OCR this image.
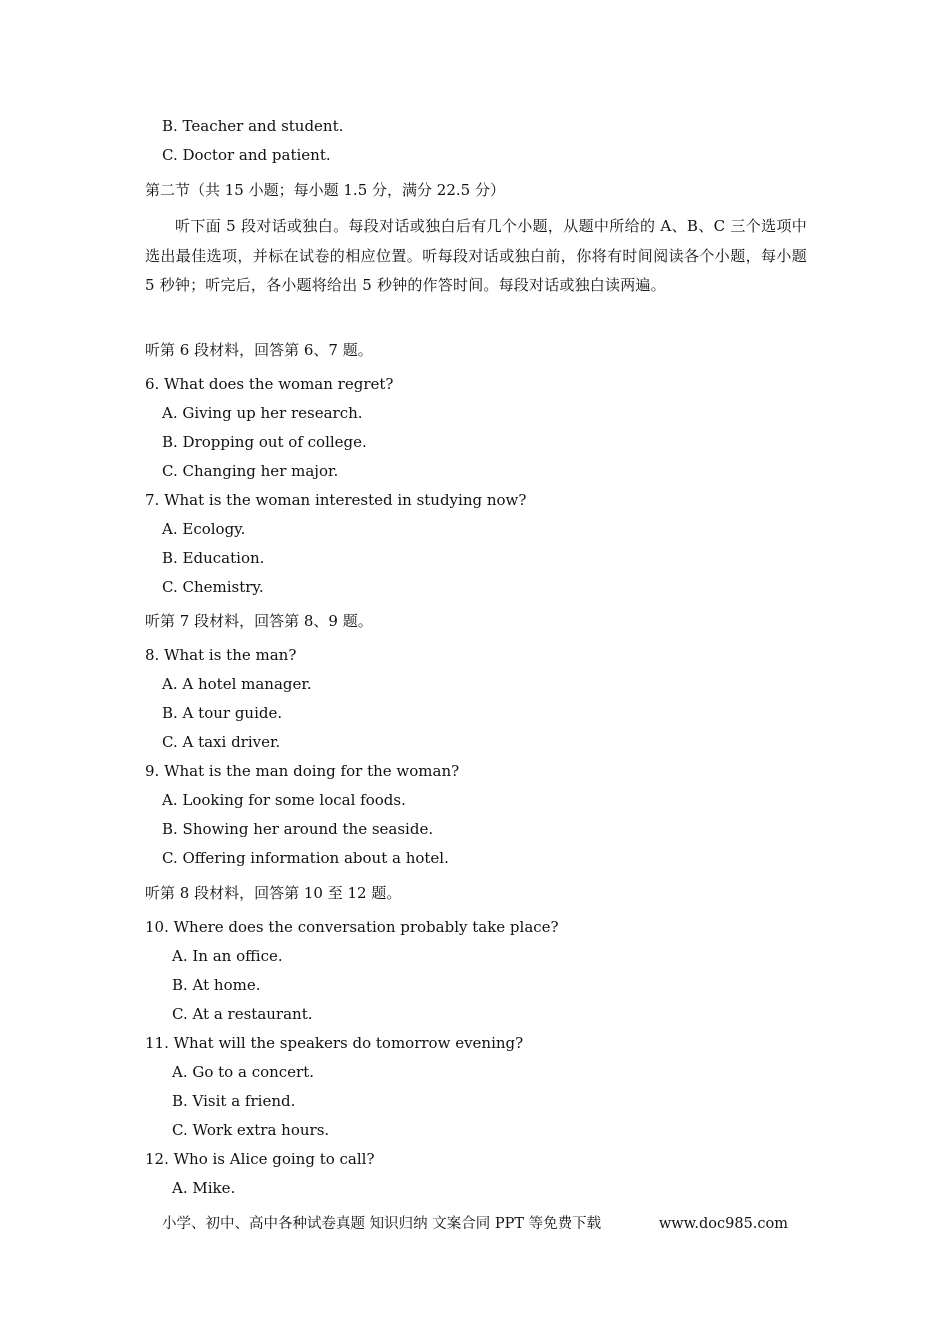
B. Teacher and student.
C. Doctor and patient.
第二节（共 15 小题；每小题 1.5 分，满分 22.5 分）
听下面 5 段对话或独白。每段对话或独白后有几个小题，从题中所给的 A、B、C 三个选项中选出最佳选项，并标在试卷的相应位置。听每段对话或独白前，你将有时间阅读各个小题，每小题 5 秒钟；听完后，各小题将给出 5 秒钟的作答时间。每段对话或独白读两遍。
听第 6 段材料，回答第 6、7 题。
6. What does the woman regret?
A. Giving up her research.
B. Dropping out of college.
C. Changing her major.
7. What is the woman interested in studying now?
A. Ecology.
B. Education.
C. Chemistry.
听第 7 段材料，回答第 8、9 题。
8. What is the man?
A. A hotel manager.
B. A tour guide.
C. A taxi driver.
9. What is the man doing for the woman?
A. Looking for some local foods.
B. Showing her around the seaside.
C. Offering information about a hotel.
听第 8 段材料，回答第 10 至 12 题。
10. Where does the conversation probably take place?
A. In an office.
B. At home.
C. At a restaurant.
11. What will the speakers do tomorrow evening?
A. Go to a concert.
B. Visit a friend.
C. Work extra hours.
12. Who is Alice going to call?
A. Mike.
小学、初中、高中各种试卷真题 知识归纳 文案合同 PPT 等免费下载	www.doc985.com
